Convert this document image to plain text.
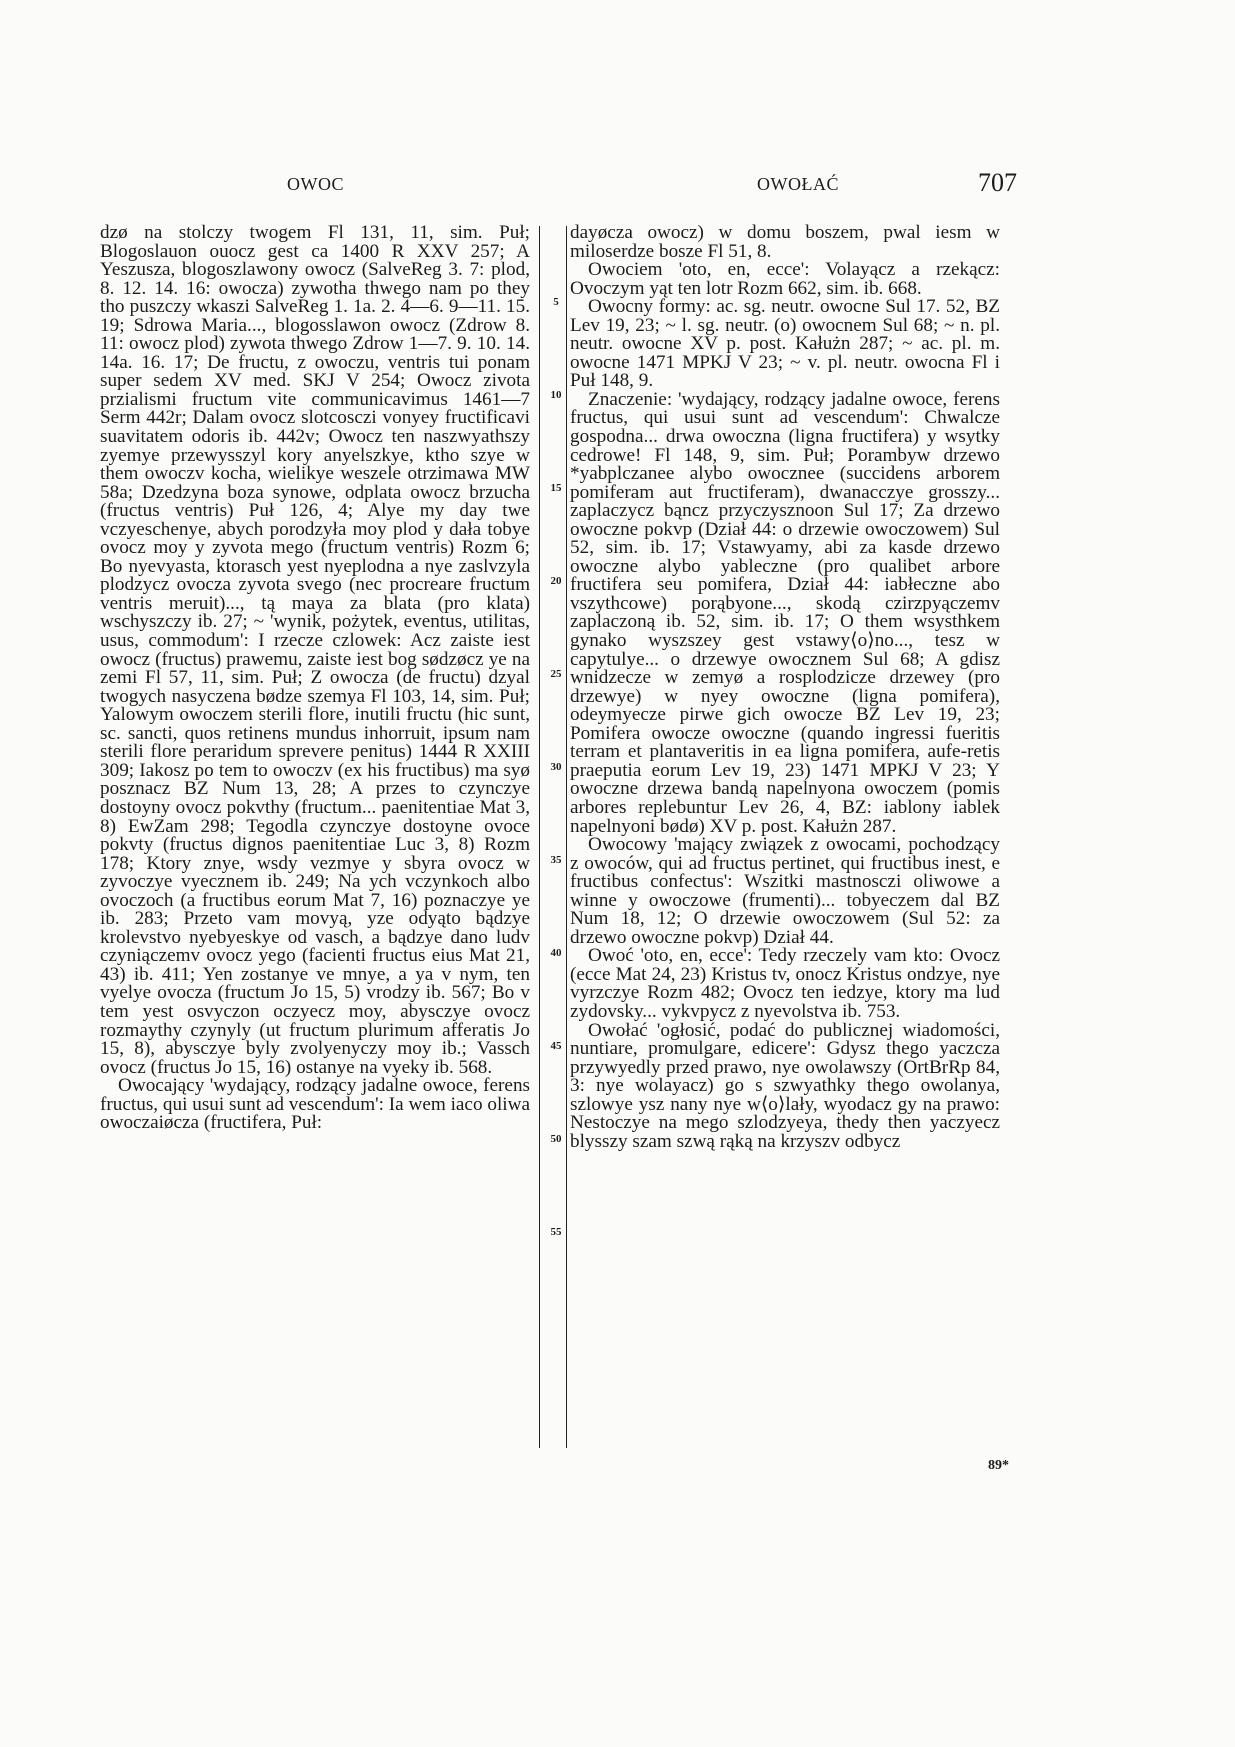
OWOC	OWOŁAĆ	707

dzø na stolczy twogem Fl 131, 11, sim. Puł; Blogoslauon ouocz gest ca 1400 R XXV 257; A Yeszusza, blogoszlawony owocz (SalveReg 3. 7: plod, 8. 12. 14. 16: owocza) zywotha thwego nam po they tho puszczy wkaszi SalveReg 1. 1a. 2. 4—6. 9—11. 15. 19; Sdrowa Maria..., blogosslawon owocz (Zdrow 8. 11: owocz plod) zywota thwego Zdrow 1—7. 9. 10. 14. 14a. 16. 17; De fructu, z owoczu, ventris tui ponam super sedem XV med. SKJ V 254; Owocz zivota przialismi fructum vite communicavimus 1461—7 Serm 442r; Dalam ovocz slotcosczi vonyey fructificavi suavitatem odoris ib. 442v; Owocz ten naszwyathszy zyemye przewysszyl kory anyelszkye, ktho szye w them owoczv kocha, wielikye weszele otrzimawa MW 58a; Dzedzyna boza synowe, odplata owocz brzucha (fructus ventris) Puł 126, 4; Alye my day twe vczyeschenye, abych porodzyła moy plod y dała tobye ovocz moy y zyvota mego (fructum ventris) Rozm 6; Bo nyevyasta, ktorasch yest nyeplodna a nye zaslvzyla plodzycz ovocza zyvota svego (nec procreare fructum ventris meruit)..., tą maya za blata (pro klata) wschyszczy ib. 27; ~ 'wynik, pożytek, eventus, utilitas, usus, commodum': I rzecze czlowek: Acz zaiste iest owocz (fructus) prawemu, zaiste iest bog sødzøcz ye na zemi Fl 57, 11, sim. Puł; Z owocza (de fructu) dzyal twogych nasyczena bødze szemya Fl 103, 14, sim. Puł; Yalowym owoczem sterili flore, inutili fructu (hic sunt, sc. sancti, quos retinens mundus inhorruit, ipsum nam sterili flore peraridum sprevere penitus) 1444 R XXIII 309; Iakosz po tem to owoczv (ex his fructibus) ma syø posznacz BZ Num 13, 28; A przes to czynczye dostoyny ovocz pokvthy (fructum... paenitentiae Mat 3, 8) EwZam 298; Tegodla czynczye dostoyne ovoce pokvty (fructus dignos paenitentiae Luc 3, 8) Rozm 178; Ktory znye, wsdy vezmye y sbyra ovocz w zyvoczye vyecznem ib. 249; Na ych vczynkoch albo ovoczoch (a fructibus eorum Mat 7, 16) poznaczye ye ib. 283; Przeto vam movyą, yze odyąto bądzye krolevstvo nyebyeskye od vasch, a bądzye dano ludv czyniączemv ovocz yego (facienti fructus eius Mat 21, 43) ib. 411; Yen zostanye ve mnye, a ya v nym, ten vyelye ovocza (fructum Jo 15, 5) vrodzy ib. 567; Bo v tem yest osvyczon oczyecz moy, abysczye ovocz rozmaythy czynyly (ut fructum plurimum afferatis Jo 15, 8), abysczye byly zvolyenyczy moy ib.; Vassch ovocz (fructus Jo 15, 16) ostanye na vyeky ib. 568.

Owocający 'wydający, rodzący jadalne owoce, ferens fructus, qui usui sunt ad vescendum': Ia wem iaco oliwa owoczaiøcza (fructifera, Puł:

5
10
15
20
25
30
35
40
45
50
55

dayøcza owocz) w domu boszem, pwal iesm w miloserdze bosze Fl 51, 8.

Owociem 'oto, en, ecce': Volayącz a rzekącz: Ovoczym yąt ten lotr Rozm 662, sim. ib. 668.

Owocny formy: ac. sg. neutr. owocne Sul 17. 52, BZ Lev 19, 23; ~ l. sg. neutr. (o) owocnem Sul 68; ~ n. pl. neutr. owocne XV p. post. Kałużn 287; ~ ac. pl. m. owocne 1471 MPKJ V 23; ~ v. pl. neutr. owocna Fl i Puł 148, 9.

Znaczenie: 'wydający, rodzący jadalne owoce, ferens fructus, qui usui sunt ad vescendum': Chwalcze gospodna... drwa owoczna (ligna fructifera) y wsytky cedrowe! Fl 148, 9, sim. Puł; Porambyw drzewo *yabplczanee alybo owocznee (succidens arborem pomiferam aut fructiferam), dwanacczye grosszy... zaplaczycz bąncz przyczysznoon Sul 17; Za drzewo owoczne pokvp (Dział 44: o drzewie owoczowem) Sul 52, sim. ib. 17; Vstawyamy, abi za kasde drzewo owoczne alybo yableczne (pro qualibet arbore fructifera seu pomifera, Dział 44: iabłeczne abo vszythcowe) porąbyone..., skodą czirzpyączemv zaplaczoną ib. 52, sim. ib. 17; O them wsysthkem gynako wyszszey gest vstawy⟨o⟩no..., tesz w capytulye... o drzewye owocznem Sul 68; A gdisz wnidzecze w zemyø a rosplodzicze drzewey (pro drzewye) w nyey owoczne (ligna pomifera), odeymyecze pirwe gich owocze BZ Lev 19, 23; Pomifera owocze owoczne (quando ingressi fueritis terram et plantaveritis in ea ligna pomifera, aufe-retis praeputia eorum Lev 19, 23) 1471 MPKJ V 23; Y owoczne drzewa bandą napelnyona owoczem (pomis arbores replebuntur Lev 26, 4, BZ: iablony iablek napelnyoni bødø) XV p. post. Kałużn 287.

Owocowy 'mający związek z owocami, pochodzący z owoców, qui ad fructus pertinet, qui fructibus inest, e fructibus confectus': Wszitki mastnosczi oliwowe a winne y owoczowe (frumenti)... tobyeczem dal BZ Num 18, 12; O drzewie owoczowem (Sul 52: za drzewo owoczne pokvp) Dział 44.

Owoć 'oto, en, ecce': Tedy rzeczely vam kto: Ovocz (ecce Mat 24, 23) Kristus tv, onocz Kristus ondzye, nye vyrzczye Rozm 482; Ovocz ten iedzye, ktory ma lud zydovsky... vykvpycz z nyevolstva ib. 753.

Owołać 'ogłosić, podać do publicznej wiadomości, nuntiare, promulgare, edicere': Gdysz thego yaczcza przywyedly przed prawo, nye owolawszy (OrtBrRp 84, 3: nye wolayacz) go s szwyathky thego owolanya, szlowye ysz nany nye w⟨o⟩lały, wyodacz gy na prawo: Nestoczye na mego szlodzyeya, thedy then yaczyecz blysszy szam szwą rąką na krzyszv odbycz

89*
